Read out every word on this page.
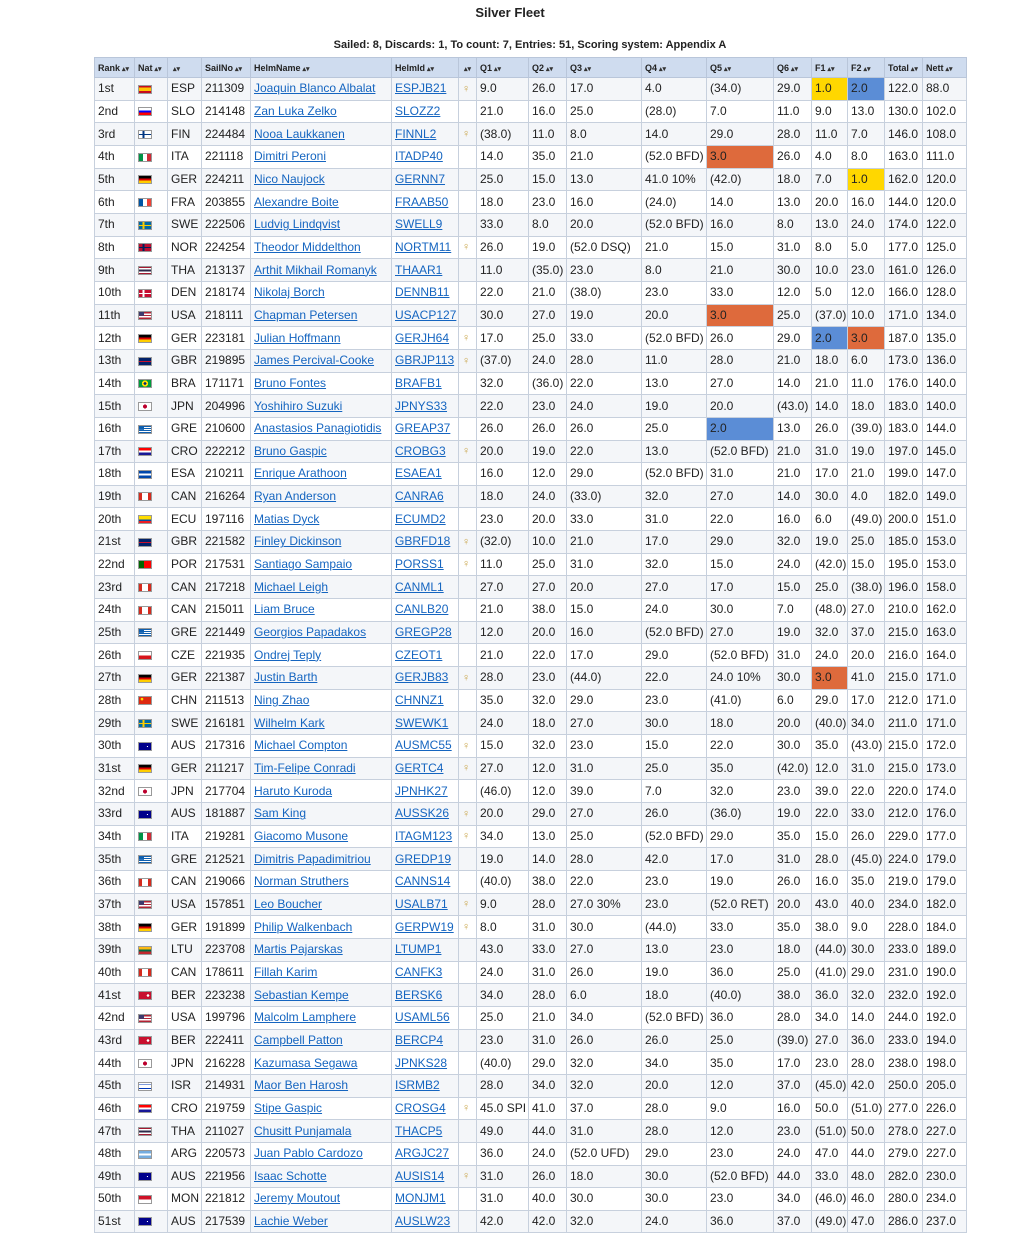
Silver Fleet
Sailed: 8, Discards: 1, To count: 7, Entries: 51, Scoring system: Appendix A
Rank ▴▾	Nat ▴▾	▴▾	SailNo ▴▾	HelmName ▴▾	HelmId ▴▾	▴▾	Q1 ▴▾	Q2 ▴▾	Q3 ▴▾	Q4 ▴▾	Q5 ▴▾	Q6 ▴▾	F1 ▴▾	F2 ▴▾	Total ▴▾	Nett ▴▾
1st		ESP	211309	Joaquin Blanco Albalat	ESPJB21	♀	9.0	26.0	17.0	4.0	(34.0)	29.0	1.0	2.0	122.0	88.0
2nd		SLO	214148	Zan Luka Zelko	SLOZZ2		21.0	16.0	25.0	(28.0)	7.0	11.0	9.0	13.0	130.0	102.0
3rd		FIN	224484	Nooa Laukkanen	FINNL2	♀	(38.0)	11.0	8.0	14.0	29.0	28.0	11.0	7.0	146.0	108.0
4th		ITA	221118	Dimitri Peroni	ITADP40		14.0	35.0	21.0	(52.0 BFD)	3.0	26.0	4.0	8.0	163.0	111.0
5th		GER	224211	Nico Naujock	GERNN7		25.0	15.0	13.0	41.0 10%	(42.0)	18.0	7.0	1.0	162.0	120.0
6th		FRA	203855	Alexandre Boite	FRAAB50		18.0	23.0	16.0	(24.0)	14.0	13.0	20.0	16.0	144.0	120.0
7th		SWE	222506	Ludvig Lindqvist	SWELL9		33.0	8.0	20.0	(52.0 BFD)	16.0	8.0	13.0	24.0	174.0	122.0
8th		NOR	224254	Theodor Middelthon	NORTM11	♀	26.0	19.0	(52.0 DSQ)	21.0	15.0	31.0	8.0	5.0	177.0	125.0
9th		THA	213137	Arthit Mikhail Romanyk	THAAR1		11.0	(35.0)	23.0	8.0	21.0	30.0	10.0	23.0	161.0	126.0
10th		DEN	218174	Nikolaj Borch	DENNB11		22.0	21.0	(38.0)	23.0	33.0	12.0	5.0	12.0	166.0	128.0
11th		USA	218111	Chapman Petersen	USACP127		30.0	27.0	19.0	20.0	3.0	25.0	(37.0)	10.0	171.0	134.0
12th		GER	223181	Julian Hoffmann	GERJH64	♀	17.0	25.0	33.0	(52.0 BFD)	26.0	29.0	2.0	3.0	187.0	135.0
13th		GBR	219895	James Percival-Cooke	GBRJP113	♀	(37.0)	24.0	28.0	11.0	28.0	21.0	18.0	6.0	173.0	136.0
14th		BRA	171171	Bruno Fontes	BRAFB1		32.0	(36.0)	22.0	13.0	27.0	14.0	21.0	11.0	176.0	140.0
15th		JPN	204996	Yoshihiro Suzuki	JPNYS33		22.0	23.0	24.0	19.0	20.0	(43.0)	14.0	18.0	183.0	140.0
16th		GRE	210600	Anastasios Panagiotidis	GREAP37		26.0	26.0	26.0	25.0	2.0	13.0	26.0	(39.0)	183.0	144.0
17th		CRO	222212	Bruno Gaspic	CROBG3	♀	20.0	19.0	22.0	13.0	(52.0 BFD)	21.0	31.0	19.0	197.0	145.0
18th		ESA	210211	Enrique Arathoon	ESAEA1		16.0	12.0	29.0	(52.0 BFD)	31.0	21.0	17.0	21.0	199.0	147.0
19th		CAN	216264	Ryan Anderson	CANRA6		18.0	24.0	(33.0)	32.0	27.0	14.0	30.0	4.0	182.0	149.0
20th		ECU	197116	Matias Dyck	ECUMD2		23.0	20.0	33.0	31.0	22.0	16.0	6.0	(49.0)	200.0	151.0
21st		GBR	221582	Finley Dickinson	GBRFD18	♀	(32.0)	10.0	21.0	17.0	29.0	32.0	19.0	25.0	185.0	153.0
22nd		POR	217531	Santiago Sampaio	PORSS1	♀	11.0	25.0	31.0	32.0	15.0	24.0	(42.0)	15.0	195.0	153.0
23rd		CAN	217218	Michael Leigh	CANML1		27.0	27.0	20.0	27.0	17.0	15.0	25.0	(38.0)	196.0	158.0
24th		CAN	215011	Liam Bruce	CANLB20		21.0	38.0	15.0	24.0	30.0	7.0	(48.0)	27.0	210.0	162.0
25th		GRE	221449	Georgios Papadakos	GREGP28		12.0	20.0	16.0	(52.0 BFD)	27.0	19.0	32.0	37.0	215.0	163.0
26th		CZE	221935	Ondrej Teply	CZEOT1		21.0	22.0	17.0	29.0	(52.0 BFD)	31.0	24.0	20.0	216.0	164.0
27th		GER	221387	Justin Barth	GERJB83	♀	28.0	23.0	(44.0)	22.0	24.0 10%	30.0	3.0	41.0	215.0	171.0
28th		CHN	211513	Ning Zhao	CHNNZ1		35.0	32.0	29.0	23.0	(41.0)	6.0	29.0	17.0	212.0	171.0
29th		SWE	216181	Wilhelm Kark	SWEWK1		24.0	18.0	27.0	30.0	18.0	20.0	(40.0)	34.0	211.0	171.0
30th		AUS	217316	Michael Compton	AUSMC55	♀	15.0	32.0	23.0	15.0	22.0	30.0	35.0	(43.0)	215.0	172.0
31st		GER	211217	Tim-Felipe Conradi	GERTC4	♀	27.0	12.0	31.0	25.0	35.0	(42.0)	12.0	31.0	215.0	173.0
32nd		JPN	217704	Haruto Kuroda	JPNHK27		(46.0)	12.0	39.0	7.0	32.0	23.0	39.0	22.0	220.0	174.0
33rd		AUS	181887	Sam King	AUSSK26	♀	20.0	29.0	27.0	26.0	(36.0)	19.0	22.0	33.0	212.0	176.0
34th		ITA	219281	Giacomo Musone	ITAGM123	♀	34.0	13.0	25.0	(52.0 BFD)	29.0	35.0	15.0	26.0	229.0	177.0
35th		GRE	212521	Dimitris Papadimitriou	GREDP19		19.0	14.0	28.0	42.0	17.0	31.0	28.0	(45.0)	224.0	179.0
36th		CAN	219066	Norman Struthers	CANNS14		(40.0)	38.0	22.0	23.0	19.0	26.0	16.0	35.0	219.0	179.0
37th		USA	157851	Leo Boucher	USALB71	♀	9.0	28.0	27.0 30%	23.0	(52.0 RET)	20.0	43.0	40.0	234.0	182.0
38th		GER	191899	Philip Walkenbach	GERPW19	♀	8.0	31.0	30.0	(44.0)	33.0	35.0	38.0	9.0	228.0	184.0
39th		LTU	223708	Martis Pajarskas	LTUMP1		43.0	33.0	27.0	13.0	23.0	18.0	(44.0)	30.0	233.0	189.0
40th		CAN	178611	Fillah Karim	CANFK3		24.0	31.0	26.0	19.0	36.0	25.0	(41.0)	29.0	231.0	190.0
41st		BER	223238	Sebastian Kempe	BERSK6		34.0	28.0	6.0	18.0	(40.0)	38.0	36.0	32.0	232.0	192.0
42nd		USA	199796	Malcolm Lamphere	USAML56		25.0	21.0	34.0	(52.0 BFD)	36.0	28.0	34.0	14.0	244.0	192.0
43rd		BER	222411	Campbell Patton	BERCP4		23.0	31.0	26.0	26.0	25.0	(39.0)	27.0	36.0	233.0	194.0
44th		JPN	216228	Kazumasa Segawa	JPNKS28		(40.0)	29.0	32.0	34.0	35.0	17.0	23.0	28.0	238.0	198.0
45th		ISR	214931	Maor Ben Harosh	ISRMB2		28.0	34.0	32.0	20.0	12.0	37.0	(45.0)	42.0	250.0	205.0
46th		CRO	219759	Stipe Gaspic	CROSG4	♀	45.0 SPI	41.0	37.0	28.0	9.0	16.0	50.0	(51.0)	277.0	226.0
47th		THA	211027	Chusitt Punjamala	THACP5		49.0	44.0	31.0	28.0	12.0	23.0	(51.0)	50.0	278.0	227.0
48th		ARG	220573	Juan Pablo Cardozo	ARGJC27		36.0	24.0	(52.0 UFD)	29.0	23.0	24.0	47.0	44.0	279.0	227.0
49th		AUS	221956	Isaac Schotte	AUSIS14	♀	31.0	26.0	18.0	30.0	(52.0 BFD)	44.0	33.0	48.0	282.0	230.0
50th		MON	221812	Jeremy Moutout	MONJM1		31.0	40.0	30.0	30.0	23.0	34.0	(46.0)	46.0	280.0	234.0
51st		AUS	217539	Lachie Weber	AUSLW23		42.0	42.0	32.0	24.0	36.0	37.0	(49.0)	47.0	286.0	237.0
